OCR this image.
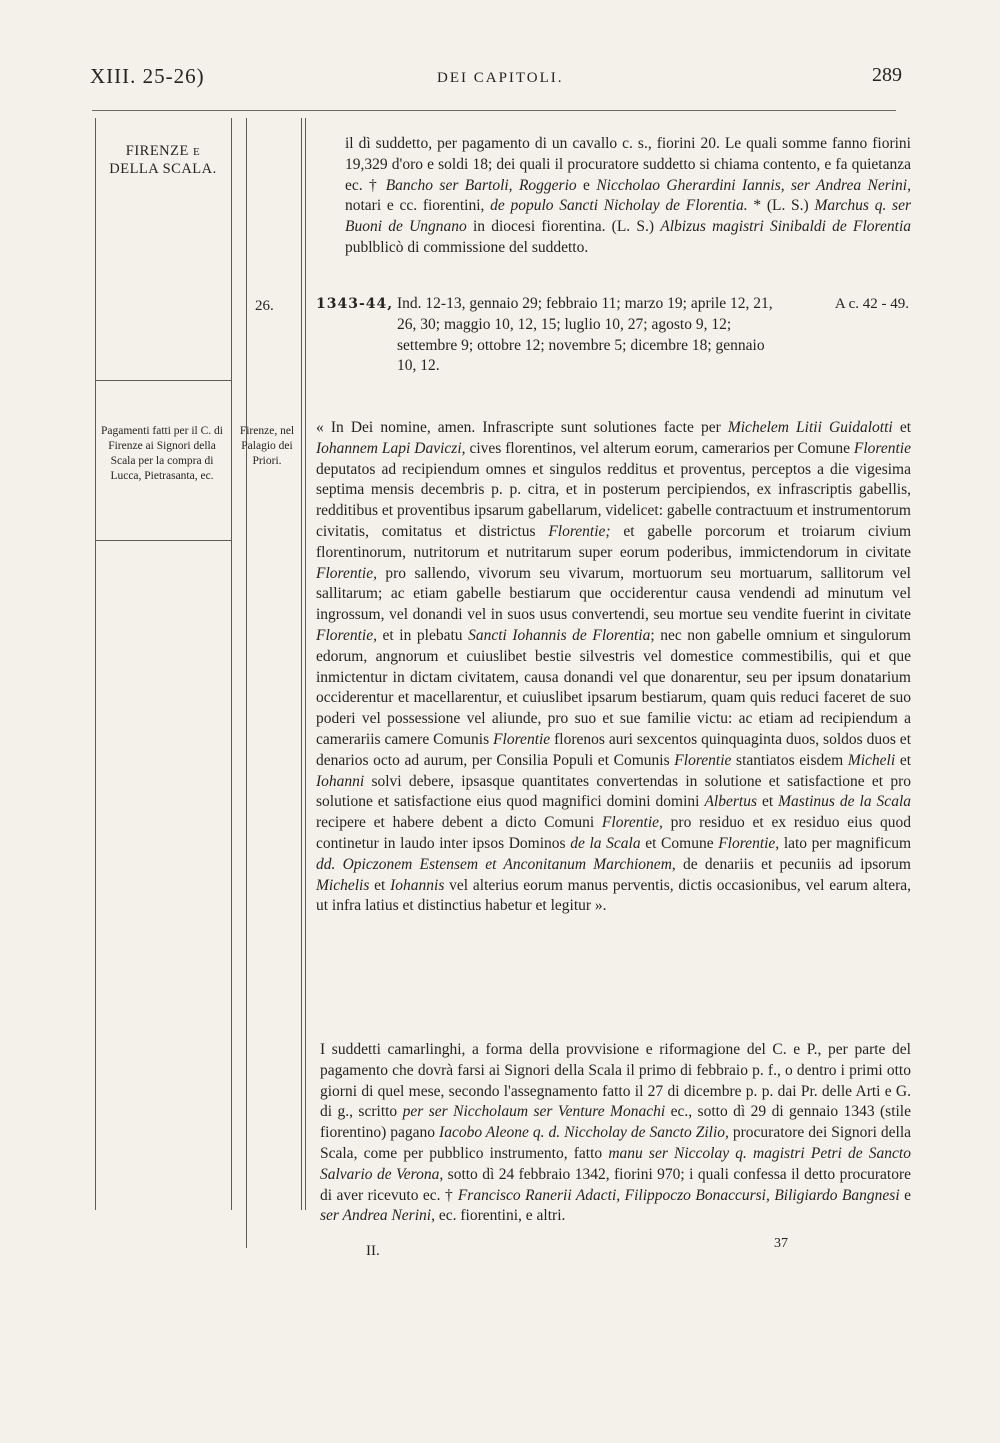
XIII. 25-26)	DEI CAPITOLI.	289
FIRENZE E
DELLA SCALA.
26.
Pagamenti fatti per il C. di Firenze ai Signori della Scala per la compra di Lucca, Pietrasanta, ec.
Firenze, nel Palagio dei Priori.
il dì suddetto, per pagamento di un cavallo c. s., fiorini 20. Le quali somme fanno fiorini 19,329 d'oro e soldi 18; dei quali il procuratore suddetto si chiama contento, e fa quietanza ec. † Bancho ser Bartoli, Roggerio e Niccholao Gherardini Iannis, ser Andrea Nerini, notari e cc. fiorentini, de populo Sancti Nicholay de Florentia. * (L. S.) Marchus q. ser Buoni de Ungnano in diocesi fiorentina. (L. S.) Albizus magistri Sinibaldi de Florentia publblicò di commissione del suddetto.
1343-44, Ind. 12-13, gennaio 29; febbraio 11; marzo 19; aprile 12, 21, 26, 30; maggio 10, 12, 15; luglio 10, 27; agosto 9, 12; settembre 9; ottobre 12; novembre 5; dicembre 18; gennaio 10, 12.
A c. 42 - 49.
« In Dei nomine, amen. Infrascripte sunt solutiones facte per Michelem Litii Guidalotti et Iohannem Lapi Daviczi, cives florentinos, vel alterum eorum, camerarios per Comune Florentie deputatos ad recipiendum omnes et singulos redditus et proventus, perceptos a die vigesima septima mensis decembris p. p. citra, et in posterum percipiendos, ex infrascriptis gabellis, redditibus et proventibus ipsarum gabellarum, videlicet: gabelle contractuum et instrumentorum civitatis, comitatus et districtus Florentie; et gabelle porcorum et troiarum civium florentinorum, nutritorum et nutritarum super eorum poderibus, immictendorum in civitate Florentie, pro sallendo, vivorum seu vivarum, mortuorum seu mortuarum, sallitorum vel sallitarum; ac etiam gabelle bestiarum que occiderentur causa vendendi ad minutum vel ingrossum, vel donandi vel in suos usus convertendi, seu mortue seu vendite fuerint in civitate Florentie, et in plebatu Sancti Iohannis de Florentia; nec non gabelle omnium et singulorum edorum, angnorum et cuiuslibet bestie silvestris vel domestice commestibilis, qui et que inmictentur in dictam civitatem, causa donandi vel que donarentur, seu per ipsum donatarium occiderentur et macellarentur, et cuiuslibet ipsarum bestiarum, quam quis reduci faceret de suo poderi vel possessione vel aliunde, pro suo et sue familie victu: ac etiam ad recipiendum a camerariis camere Comunis Florentie florenos auri sexcentos quinquaginta duos, soldos duos et denarios octo ad aurum, per Consilia Populi et Comunis Florentie stantiatos eisdem Micheli et Iohanni solvi debere, ipsasque quantitates convertendas in solutione et satisfactione et pro solutione et satisfactione eius quod magnifici domini domini Albertus et Mastinus de la Scala recipere et habere debent a dicto Comuni Florentie, pro residuo et ex residuo eius quod continetur in laudo inter ipsos Dominos de la Scala et Comune Florentie, lato per magnificum dd. Opiczonem Estensem et Anconitanum Marchionem, de denariis et pecuniis ad ipsorum Michelis et Iohannis vel alterius eorum manus perventis, dictis occasionibus, vel earum altera, ut infra latius et distinctius habetur et legitur ».
I suddetti camarlinghi, a forma della provvisione e riformagione del C. e P., per parte del pagamento che dovrà farsi ai Signori della Scala il primo di febbraio p. f., o dentro i primi otto giorni di quel mese, secondo l'assegnamento fatto il 27 di dicembre p. p. dai Pr. delle Arti e G. di g., scritto per ser Niccholaum ser Venture Monachi ec., sotto dì 29 di gennaio 1343 (stile fiorentino) pagano Iacobo Aleone q. d. Niccholay de Sancto Zilio, procuratore dei Signori della Scala, come per pubblico instrumento, fatto manu ser Niccolay q. magistri Petri de Sancto Salvario de Verona, sotto dì 24 febbraio 1342, fiorini 970; i quali confessa il detto procuratore di aver ricevuto ec. † Francisco Ranerii Adacti, Filippoczo Bonaccursi, Biligiardo Bangnesi e ser Andrea Nerini, ec. fiorentini, e altri.
II.	37
